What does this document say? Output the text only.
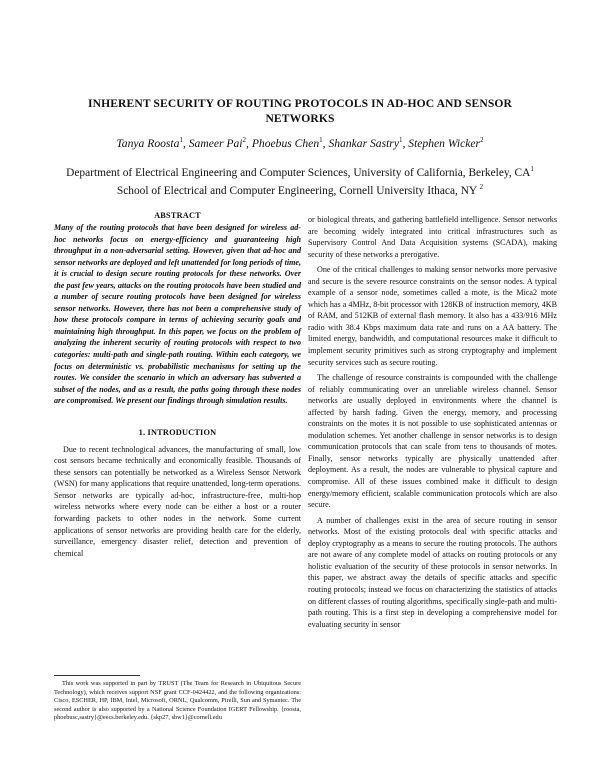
INHERENT SECURITY OF ROUTING PROTOCOLS IN AD-HOC AND SENSOR NETWORKS
Tanya Roosta$^1$, Sameer Pai$^2$, Phoebus Chen$^1$, Shankar Sastry$^1$, Stephen Wicker$^2$
Department of Electrical Engineering and Computer Sciences, University of California, Berkeley, $CA^1$
School of Electrical and Computer Engineering, Cornell University Ithaca, NY $^2$
ABSTRACT

Many of the routing protocols that have been designed for wireless ad-hoc networks focus on energy-efficiency and guaranteeing high throughput in a non-adversarial setting. However, given that ad-hoc and sensor networks are deployed and left unattended for long periods of time, it is crucial to design secure routing protocols for these networks. Over the past few years, attacks on the routing protocols have been studied and a number of secure routing protocols have been designed for wireless sensor networks. However, there has not been a comprehensive study of how these protocols compare in terms of achieving security goals and maintaining high throughput. In this paper, we focus on the problem of analyzing the inherent security of routing protocols with respect to two categories: multi-path and single-path routing. Within each category, we focus on deterministic vs. probabilistic mechanisms for setting up the routes. We consider the scenario in which an adversary has subverted a subset of the nodes, and as a result, the paths going through these nodes are compromised. We present our findings through simulation results.

1. INTRODUCTION

Due to recent technological advances, the manufacturing of small, low cost sensors became technically and economically feasible. Thousands of these sensors can potentially be networked as a Wireless Sensor Network (WSN) for many applications that require unattended, long-term operations. Sensor networks are typically ad-hoc, infrastructure-free, multi-hop wireless networks where every node can be either a host or a router forwarding packets to other nodes in the network. Some current applications of sensor networks are providing health care for the elderly, surveillance, emergency disaster relief, detection and prevention of chemical

or biological threats, and gathering battlefield intelligence. Sensor networks are becoming widely integrated into critical infrastructures such as Supervisory Control And Data Acquisition systems (SCADA), making security of these networks a prerogative.

One of the critical challenges to making sensor networks more pervasive and secure is the severe resource constraints on the sensor nodes. A typical example of a sensor node, sometimes called a mote, is the Mica2 mote which has a 4MHz, 8-bit processor with 128KB of instruction memory, 4KB of RAM, and 512KB of external flash memory. It also has a 433/916 MHz radio with 38.4 Kbps maximum data rate and runs on a AA battery. The limited energy, bandwidth, and computational resources make it difficult to implement security primitives such as strong cryptography and implement security services such as secure routing.

The challenge of resource constraints is compounded with the challenge of reliably communicating over an unreliable wireless channel. Sensor networks are usually deployed in environments where the channel is affected by harsh fading. Given the energy, memory, and processing constraints on the motes it is not possible to use sophisticated antennas or modulation schemes. Yet another challenge in sensor networks is to design communication protocols that can scale from tens to thousands of motes. Finally, sensor networks typically are physically unattended after deployment. As a result, the nodes are vulnerable to physical capture and compromise. All of these issues combined make it difficult to design energy/memory efficient, scalable communication protocols which are also secure.

A number of challenges exist in the area of secure routing in sensor networks. Most of the existing protocols deal with specific attacks and deploy cryptography as a means to secure the routing protocols. The authors are not aware of any complete model of attacks on routing protocols or any holistic evaluation of the security of these protocols in sensor networks. In this paper, we abstract away the details of specific attacks and specific routing protocols; instead we focus on characterizing the statistics of attacks on different classes of routing algorithms, specifically single-path and multi-path routing. This is a first step in developing a comprehensive model for evaluating security in sensor

This work was supported in part by TRUST (The Team for Research in Ubiquitous Secure Technology), which receives support NSF grant CCF-0424422, and the following organizations: Cisco, ESCHER, HP, IBM, Intel, Microsoft, ORNL, Qualcomm, Pirelli, Sun and Symantec. The second author is also supported by a National Science Foundation IGERT Fellowship. {roosta, phoebusc,sastry}@eecs.berkeley.edu. {skp27, sbw1}@cornell.edu
